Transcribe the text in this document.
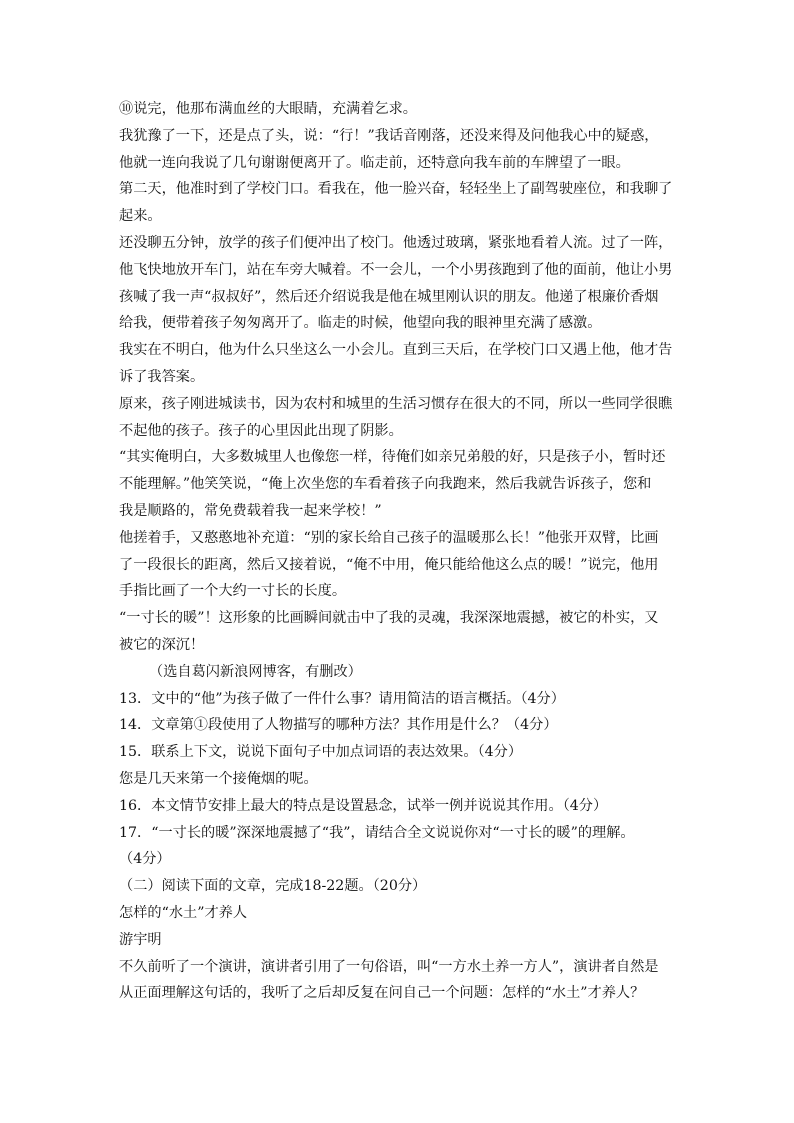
⑩说完，他那布满血丝的大眼睛，充满着乞求。
我犹豫了一下，还是点了头，说：“行！”我话音刚落，还没来得及问他我心中的疑惑，
他就一连向我说了几句谢谢便离开了。临走前，还特意向我车前的车牌望了一眼。
第二天，他准时到了学校门口。看我在，他一脸兴奋，轻轻坐上了副驾驶座位，和我聊了
起来。
还没聊五分钟，放学的孩子们便冲出了校门。他透过玻璃，紧张地看着人流。过了一阵，
他飞快地放开车门，站在车旁大喊着。不一会儿，一个小男孩跑到了他的面前，他让小男
孩喊了我一声“叔叔好”，然后还介绍说我是他在城里刚认识的朋友。他递了根廉价香烟
给我，便带着孩子匆匆离开了。临走的时候，他望向我的眼神里充满了感激。
我实在不明白，他为什么只坐这么一小会儿。直到三天后，在学校门口又遇上他，他才告
诉了我答案。
原来，孩子刚进城读书，因为农村和城里的生活习惯存在很大的不同，所以一些同学很瞧
不起他的孩子。孩子的心里因此出现了阴影。
“其实俺明白，大多数城里人也像您一样，待俺们如亲兄弟般的好，只是孩子小，暂时还
不能理解。”他笑笑说，“俺上次坐您的车看着孩子向我跑来，然后我就告诉孩子，您和
我是顺路的，常免费载着我一起来学校！”
他搓着手，又憨憨地补充道：“别的家长给自己孩子的温暖那么长！”他张开双臂，比画
了一段很长的距离，然后又接着说，“俺不中用，俺只能给他这么点的暖！”说完，他用
手指比画了一个大约一寸长的长度。
“一寸长的暖”！这形象的比画瞬间就击中了我的灵魂，我深深地震撼，被它的朴实，又
被它的深沉！
（选自葛闪新浪网博客，有删改）
13．文中的“他”为孩子做了一件什么事？请用简洁的语言概括。（4分）
14．文章第①段使用了人物描写的哪种方法？其作用是什么？（4分）
15．联系上下文，说说下面句子中加点词语的表达效果。（4分）
您是几天来第一个接俺烟的呢。
16．本文情节安排上最大的特点是设置悬念，试举一例并说说其作用。（4分）
17．“一寸长的暖”深深地震撼了“我”，请结合全文说说你对“一寸长的暖”的理解。
（4分）
（二）阅读下面的文章，完成18-22题。（20分）
怎样的“水土”才养人
游宇明
不久前听了一个演讲，演讲者引用了一句俗语，叫“一方水土养一方人”，演讲者自然是
从正面理解这句话的，我听了之后却反复在问自己一个问题：怎样的“水土”才养人？
